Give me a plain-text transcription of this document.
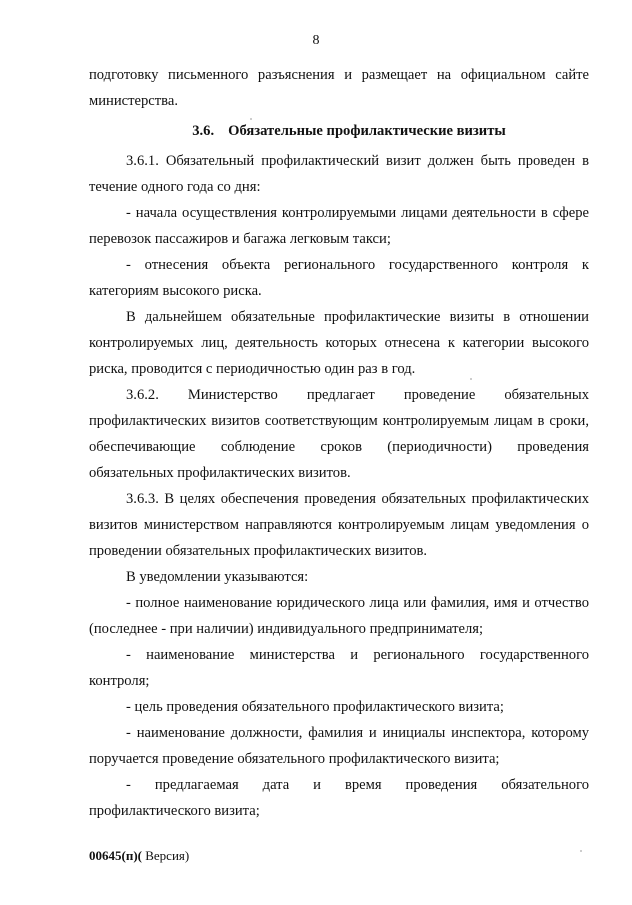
8

подготовку письменного разъяснения и размещает на официальном сайте министерства.

3.6. Обязательные профилактические визиты

3.6.1. Обязательный профилактический визит должен быть проведен в течение одного года со дня:

- начала осуществления контролируемыми лицами деятельности в сфере перевозок пассажиров и багажа легковым такси;

- отнесения объекта регионального государственного контроля к категориям высокого риска.

В дальнейшем обязательные профилактические визиты в отношении контролируемых лиц, деятельность которых отнесена к категории высокого риска, проводится с периодичностью один раз в год.

3.6.2. Министерство предлагает проведение обязательных профилактических визитов соответствующим контролируемым лицам в сроки, обеспечивающие соблюдение сроков (периодичности) проведения обязательных профилактических визитов.

3.6.3. В целях обеспечения проведения обязательных профилактических визитов министерством направляются контролируемым лицам уведомления о проведении обязательных профилактических визитов.

В уведомлении указываются:

- полное наименование юридического лица или фамилия, имя и отчество (последнее - при наличии) индивидуального предпринимателя;

- наименование министерства и регионального государственного контроля;

- цель проведения обязательного профилактического визита;

- наименование должности, фамилия и инициалы инспектора, которому поручается проведение обязательного профилактического визита;

- предлагаемая дата и время проведения обязательного профилактического визита;

00645(п)( Версия)
